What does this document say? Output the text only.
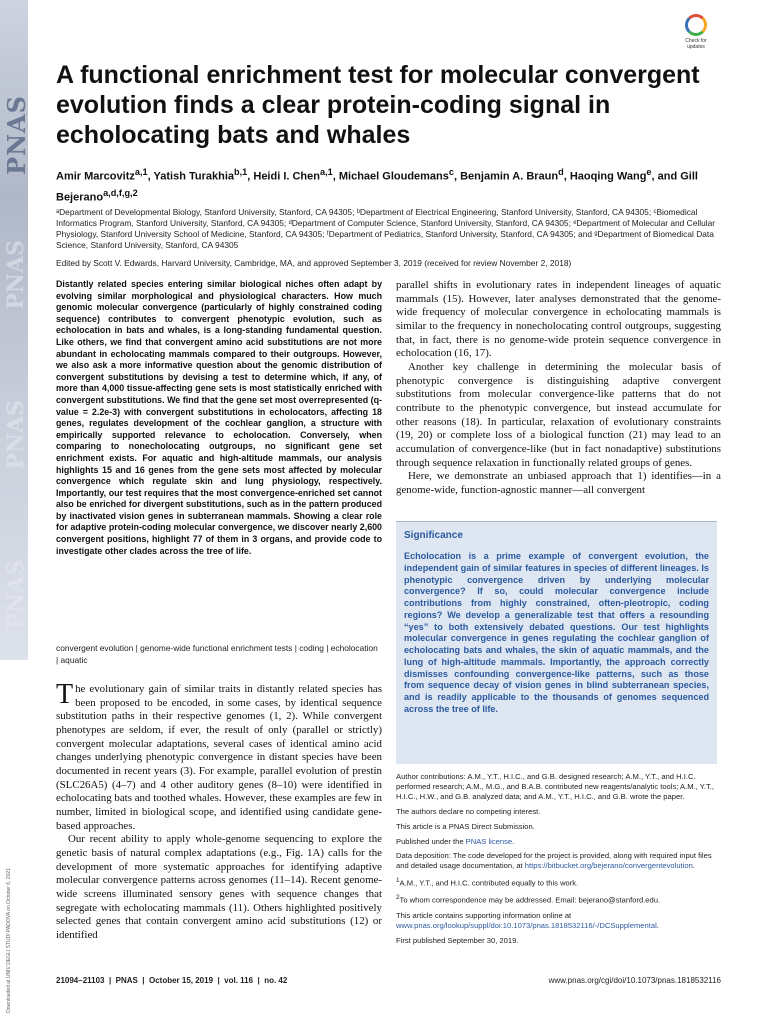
PNAS
PNAS
PNAS
PNAS
Downloaded at UNIV DEGLI STUDI PADOVA on October 6, 2021
Check for updates
A functional enrichment test for molecular convergent evolution finds a clear protein-coding signal in echolocating bats and whales
Amir Marcovitz$^{a,1}$, Yatish Turakhia$^{b,1}$, Heidi I. Chen$^{a,1}$, Michael Gloudemans$^c$, Benjamin A. Braun$^d$, Haoqing Wang$^e$, and Gill Bejerano$^{a,d,f,g,2}$
ᵃDepartment of Developmental Biology, Stanford University, Stanford, CA 94305; ᵇDepartment of Electrical Engineering, Stanford University, Stanford, CA 94305; ᶜBiomedical Informatics Program, Stanford University, Stanford, CA 94305; ᵈDepartment of Computer Science, Stanford University, Stanford, CA 94305; ᵉDepartment of Molecular and Cellular Physiology, Stanford University School of Medicine, Stanford, CA 94305; ᶠDepartment of Pediatrics, Stanford University, Stanford, CA 94305; and ᵍDepartment of Biomedical Data Science, Stanford University, Stanford, CA 94305
Edited by Scott V. Edwards, Harvard University, Cambridge, MA, and approved September 3, 2019 (received for review November 2, 2018)

Distantly related species entering similar biological niches often adapt by evolving similar morphological and physiological characters. How much genomic molecular convergence (particularly of highly constrained coding sequence) contributes to convergent phenotypic evolution, such as echolocation in bats and whales, is a long-standing fundamental question. Like others, we find that convergent amino acid substitutions are not more abundant in echolocating mammals compared to their outgroups. However, we also ask a more informative question about the genomic distribution of convergent substitutions by devising a test to determine which, if any, of more than 4,000 tissue-affecting gene sets is most statistically enriched with convergent substitutions. We find that the gene set most overrepresented (q-value = 2.2e-3) with convergent substitutions in echolocators, affecting 18 genes, regulates development of the cochlear ganglion, a structure with empirically supported relevance to echolocation. Conversely, when comparing to nonecholocating outgroups, no significant gene set enrichment exists. For aquatic and high-altitude mammals, our analysis highlights 15 and 16 genes from the gene sets most affected by molecular convergence which regulate skin and lung physiology, respectively. Importantly, our test requires that the most convergence-enriched set cannot also be enriched for divergent substitutions, such as in the pattern produced by inactivated vision genes in subterranean mammals. Showing a clear role for adaptive protein-coding molecular convergence, we discover nearly 2,600 convergent positions, highlight 77 of them in 3 organs, and provide code to investigate other clades across the tree of life.

convergent evolution | genome-wide functional enrichment tests | coding | echolocation | aquatic

The evolutionary gain of similar traits in distantly related species has been proposed to be encoded, in some cases, by identical sequence substitution paths in their respective genomes (1, 2). While convergent phenotypes are seldom, if ever, the result of only (parallel or strictly) convergent molecular adaptations, several cases of identical amino acid changes underlying phenotypic convergence in distant species have been documented in recent years (3). For example, parallel evolution of prestin (SLC26A5) (4–7) and 4 other auditory genes (8–10) were identified in echolocating bats and toothed whales. However, these examples are few in number, limited in biological scope, and identified using candidate gene-based approaches.

Our recent ability to apply whole-genome sequencing to explore the genetic basis of natural complex adaptations (e.g., Fig. 1A) calls for the development of more systematic approaches for identifying adaptive molecular convergence patterns across genomes (11–14). Recent genome-wide screens illuminated sensory genes with sequence changes that segregate with echolocating mammals (11). Others highlighted positively selected genes that contain convergent amino acid substitutions (12) or identified

parallel shifts in evolutionary rates in independent lineages of aquatic mammals (15). However, later analyses demonstrated that the genome-wide frequency of molecular convergence in echolocating mammals is similar to the frequency in nonecholocating control outgroups, suggesting that, in fact, there is no genome-wide protein sequence convergence in echolocation (16, 17).

Another key challenge in determining the molecular basis of phenotypic convergence is distinguishing adaptive convergent substitutions from molecular convergence-like patterns that do not contribute to the phenotypic convergence, but instead accumulate for other reasons (18). In particular, relaxation of evolutionary constraints (19, 20) or complete loss of a biological function (21) may lead to an accumulation of convergence-like (but in fact nonadaptive) substitutions through sequence relaxation in functionally related groups of genes.

Here, we demonstrate an unbiased approach that 1) identifies—in a genome-wide, function-agnostic manner—all convergent

Significance

Echolocation is a prime example of convergent evolution, the independent gain of similar features in species of different lineages. Is phenotypic convergence driven by underlying molecular convergence? If so, could molecular convergence include contributions from highly constrained, often-pleotropic, coding regions? We develop a generalizable test that offers a resounding “yes” to both extensively debated questions. Our test highlights molecular convergence in genes regulating the cochlear ganglion of echolocating bats and whales, the skin of aquatic mammals, and the lung of high-altitude mammals. Importantly, the approach correctly dismisses confounding convergence-like patterns, such as those from sequence decay of vision genes in blind subterranean species, and is readily applicable to the thousands of genomes sequenced across the tree of life.

Author contributions: A.M., Y.T., H.I.C., and G.B. designed research; A.M., Y.T., and H.I.C. performed research; A.M., M.G., and B.A.B. contributed new reagents/analytic tools; A.M., Y.T., H.I.C., H.W., and G.B. analyzed data; and A.M., Y.T., H.I.C., and G.B. wrote the paper.

The authors declare no competing interest.

This article is a PNAS Direct Submission.

Published under the PNAS license.

Data deposition: The code developed for the project is provided, along with required input files and detailed usage documentation, at https://bitbucket.org/bejerano/convergentevolution.

$^1$A.M., Y.T., and H.I.C. contributed equally to this work.

$^2$To whom correspondence may be addressed. Email: bejerano@stanford.edu.

This article contains supporting information online at www.pnas.org/lookup/suppl/doi:10.1073/pnas.1818532116/-/DCSupplemental.

First published September 30, 2019.

21094–21103  |  PNAS  |  October 15, 2019  |  vol. 116  |  no. 42	www.pnas.org/cgi/doi/10.1073/pnas.1818532116
